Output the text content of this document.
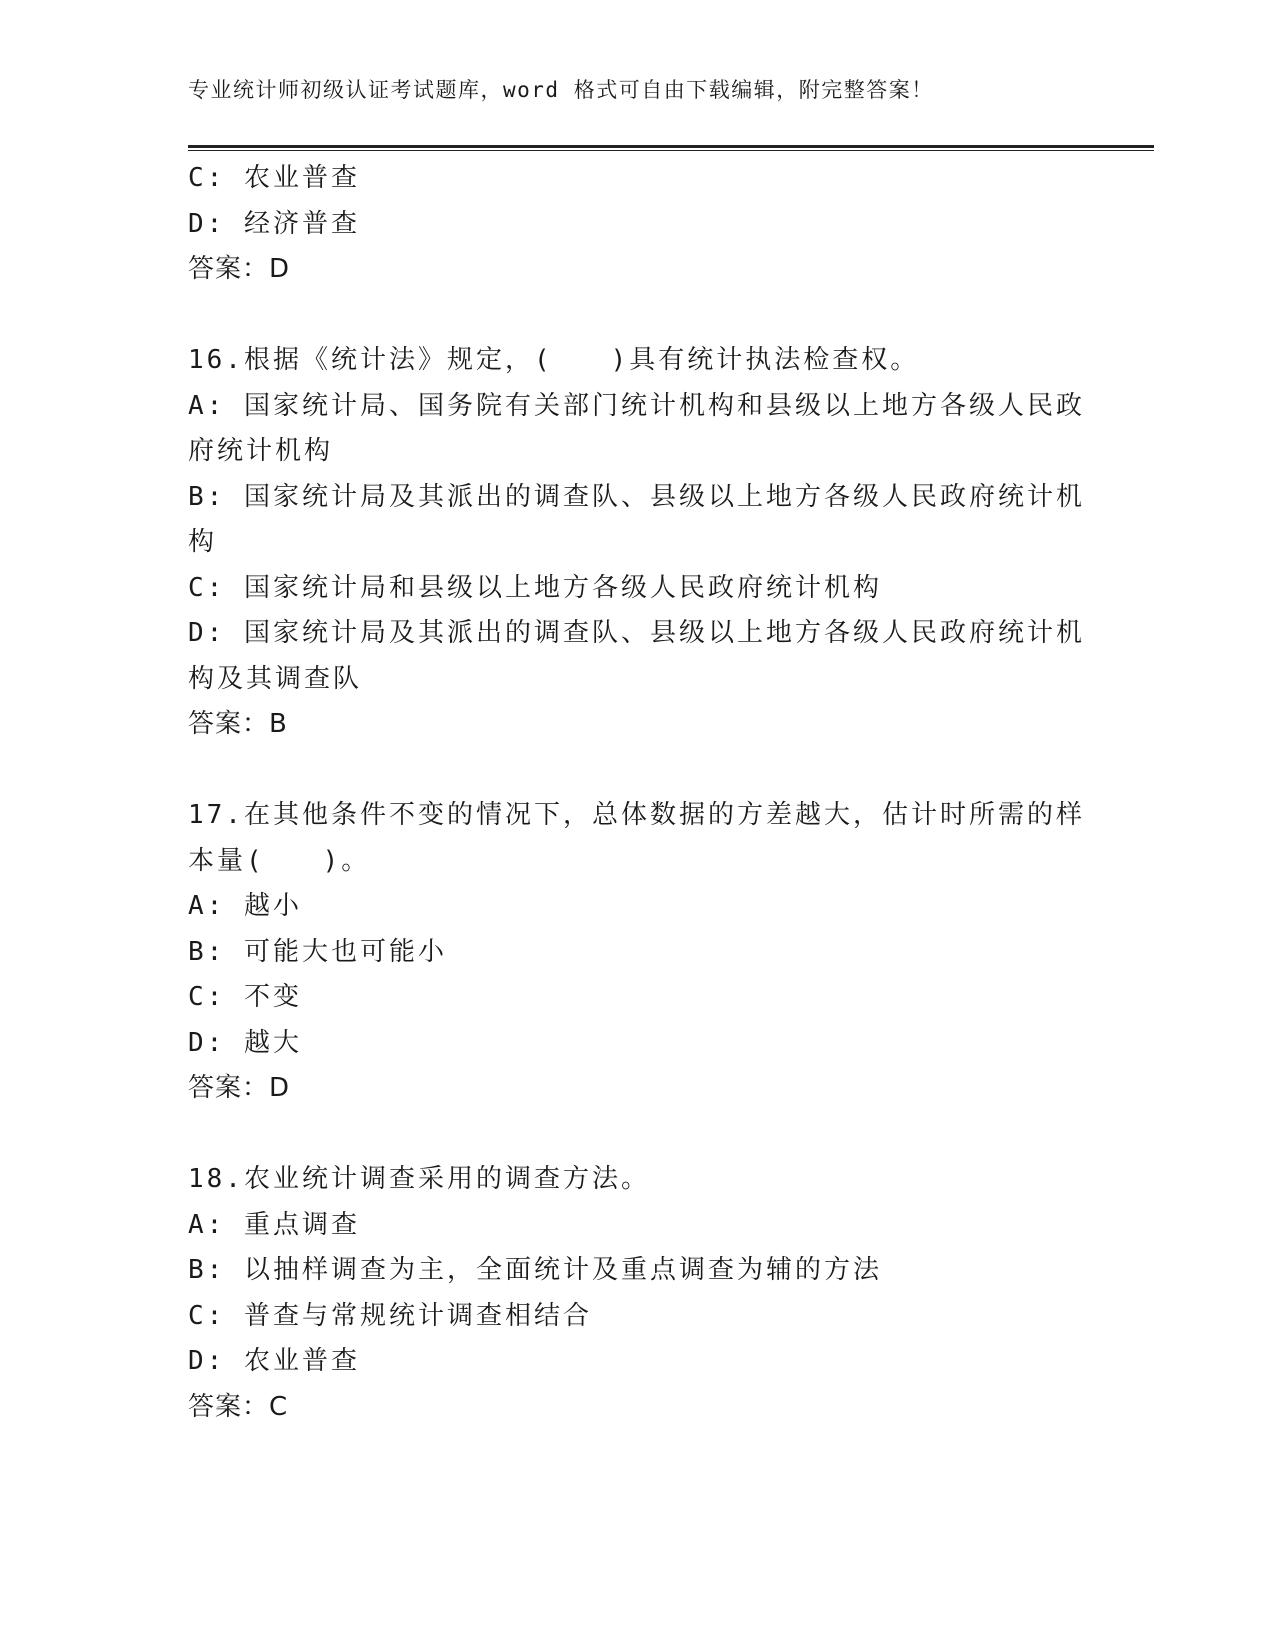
专业统计师初级认证考试题库，word 格式可自由下载编辑，附完整答案！
C: 农业普查
D: 经济普查
答案：D
16.根据《统计法》规定，(　　)具有统计执法检查权。
A: 国家统计局、国务院有关部门统计机构和县级以上地方各级人民政
府统计机构
B: 国家统计局及其派出的调查队、县级以上地方各级人民政府统计机
构
C: 国家统计局和县级以上地方各级人民政府统计机构
D: 国家统计局及其派出的调查队、县级以上地方各级人民政府统计机
构及其调查队
答案：B
17.在其他条件不变的情况下，总体数据的方差越大，估计时所需的样
本量(　　)。
A: 越小
B: 可能大也可能小
C: 不变
D: 越大
答案：D
18.农业统计调查采用的调查方法。
A: 重点调查
B: 以抽样调查为主，全面统计及重点调查为辅的方法
C: 普查与常规统计调查相结合
D: 农业普查
答案：C
